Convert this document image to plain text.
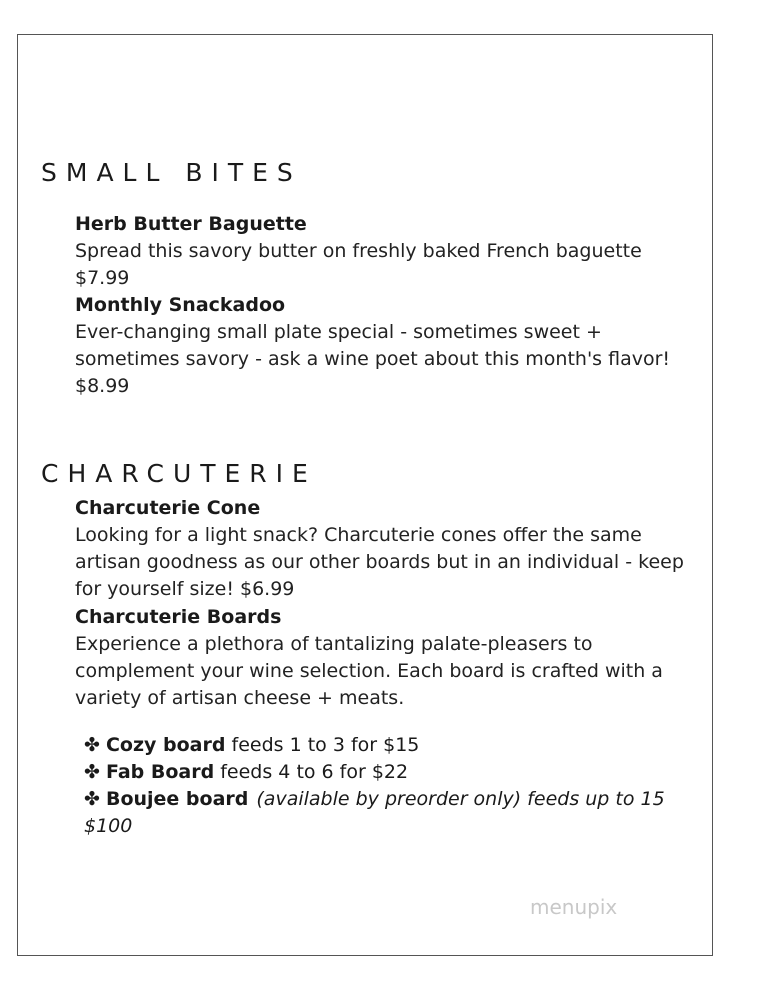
SMALL BITES
Herb Butter Baguette
Spread this savory butter on freshly baked French baguette
$7.99
Monthly Snackadoo
Ever-changing small plate special - sometimes sweet + sometimes savory - ask a wine poet about this month's flavor!
$8.99
CHARCUTERIE
Charcuterie Cone
Looking for a light snack? Charcuterie cones offer the same artisan goodness as our other boards but in an individual - keep for yourself size! $6.99
Charcuterie Boards
Experience a plethora of tantalizing palate-pleasers to complement your wine selection. Each board is crafted with a variety of artisan cheese + meats.
✤ Cozy board feeds 1 to 3 for $15
✤ Fab Board feeds 4 to 6 for $22
✤ Boujee board (available by preorder only) feeds up to 15
$100
menupix
